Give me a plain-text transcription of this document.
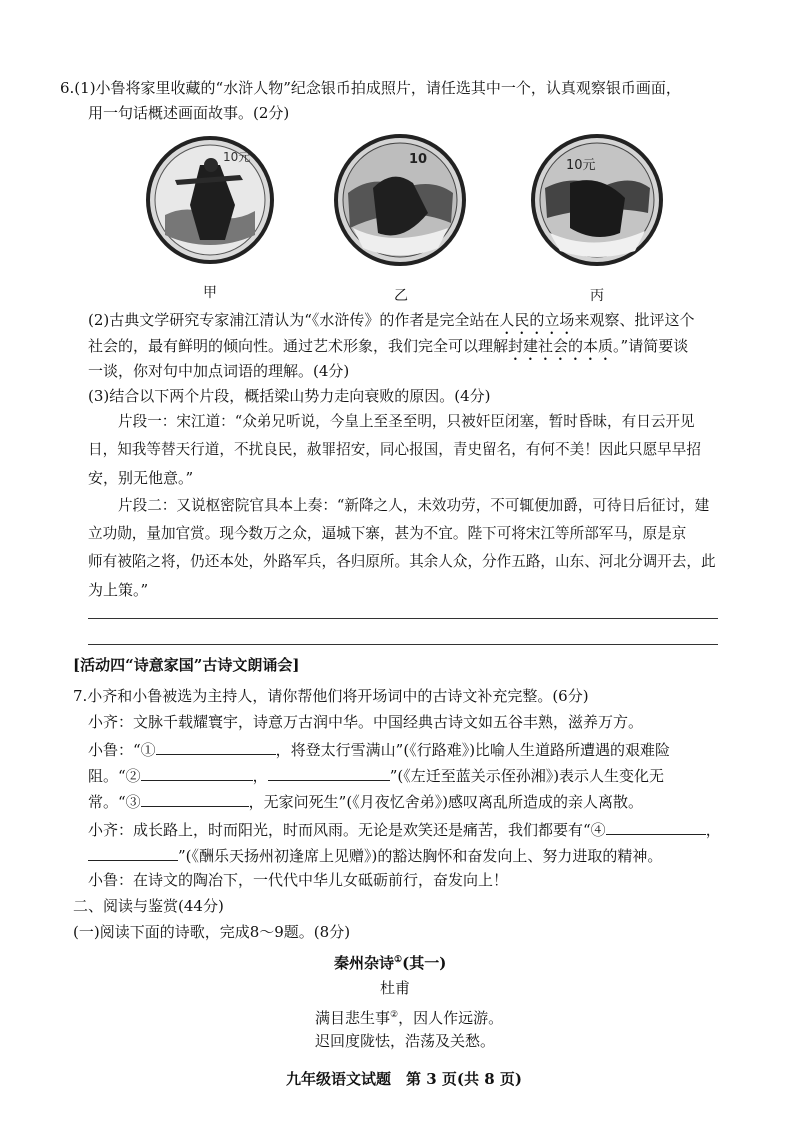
6.(1)小鲁将家里收藏的“水浒人物”纪念银币拍成照片，请任选其中一个，认真观察银币画面，
用一句话概述画面故事。(2分)
10元	10	10元
甲	乙	丙
(2)古典文学研究专家浦江清认为“《水浒传》的作者是完全站在人民的立场来观察、批评这个
社会的，最有鲜明的倾向性。通过艺术形象，我们完全可以理解封建社会的本质。”请简要谈
一谈，你对句中加点词语的理解。(4分)
(3)结合以下两个片段，概括梁山势力走向衰败的原因。(4分)
片段一：宋江道：“众弟兄听说，今皇上至圣至明，只被奸臣闭塞，暂时昏昧，有日云开见
日，知我等替天行道，不扰良民，赦罪招安，同心报国，青史留名，有何不美！因此只愿早早招
安，别无他意。”
片段二：又说枢密院官具本上奏：“新降之人，未效功劳，不可辄便加爵，可待日后征讨，建
立功勋，量加官赏。现今数万之众，逼城下寨，甚为不宜。陛下可将宋江等所部军马，原是京
师有被陷之将，仍还本处，外路军兵，各归原所。其余人众，分作五路，山东、河北分调开去，此
为上策。”
[活动四“诗意家国”古诗文朗诵会]
7.小齐和小鲁被选为主持人，请你帮他们将开场词中的古诗文补充完整。(6分)
小齐：文脉千载耀寰宇，诗意万古润中华。中国经典古诗文如五谷丰熟，滋养万方。
小鲁：“①	，将登太行雪满山”(《行路难》)比喻人生道路所遭遇的艰难险
阻。“②	，	”(《左迁至蓝关示侄孙湘》)表示人生变化无
常。“③	，无家问死生”(《月夜忆舍弟》)感叹离乱所造成的亲人离散。
小齐：成长路上，时而阳光，时而风雨。无论是欢笑还是痛苦，我们都要有“④	，
”(《酬乐天扬州初逢席上见赠》)的豁达胸怀和奋发向上、努力进取的精神。
小鲁：在诗文的陶冶下，一代代中华儿女砥砺前行，奋发向上！
二、阅读与鉴赏(44分)
(一)阅读下面的诗歌，完成8～9题。(8分)
秦州杂诗①(其一)
杜甫
满目悲生事②，因人作远游。
迟回度陇怯，浩荡及关愁。
九年级语文试题　第 3 页(共 8 页)
